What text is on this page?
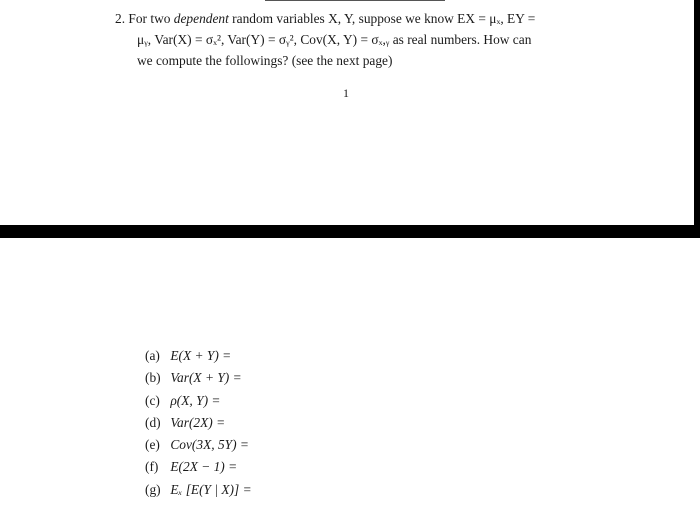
2. For two dependent random variables X, Y, suppose we know EX = μₓ, EY =
μᵧ, Var(X) = σₓ², Var(Y) = σᵧ², Cov(X, Y) = σₓ,ᵧ as real numbers. How can
we compute the followings? (see the next page)
1
(a) E(X + Y) =
(b) Var(X + Y) =
(c) ρ(X, Y) =
(d) Var(2X) =
(e) Cov(3X, 5Y) =
(f) E(2X − 1) =
(g) Eₓ [E(Y | X)] =
